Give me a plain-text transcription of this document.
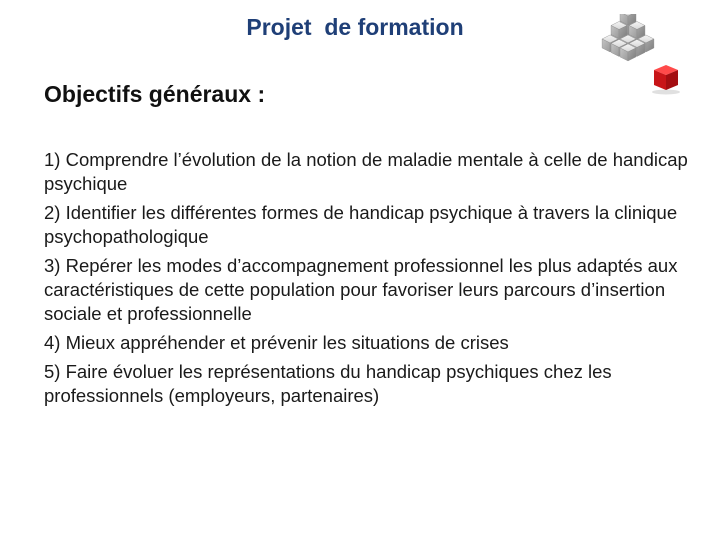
Projet  de formation
Objectifs généraux :
1) Comprendre l’évolution de la notion de maladie mentale à celle de handicap psychique
2) Identifier les différentes formes de handicap psychique à travers la clinique psychopathologique
3) Repérer les modes d’accompagnement professionnel les plus adaptés aux caractéristiques de cette population pour favoriser leurs parcours d’insertion sociale et professionnelle
4) Mieux appréhender et prévenir les situations de crises
5) Faire évoluer les représentations du handicap psychiques chez les professionnels (employeurs, partenaires)
